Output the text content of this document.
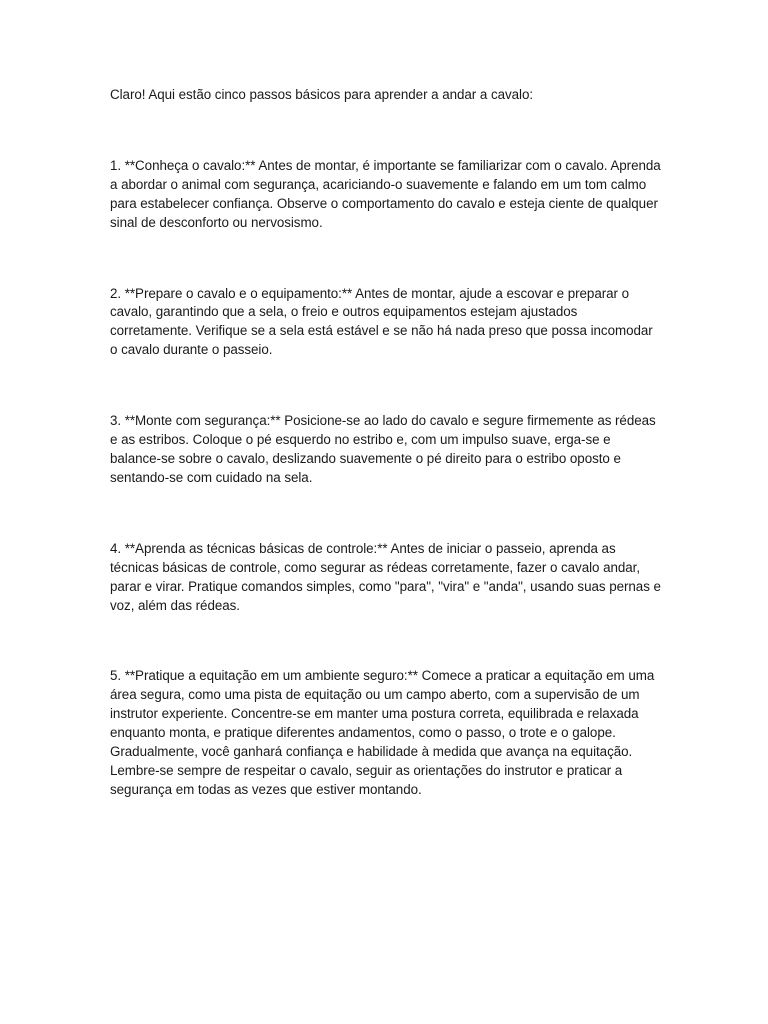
Claro! Aqui estão cinco passos básicos para aprender a andar a cavalo:

1. **Conheça o cavalo:** Antes de montar, é importante se familiarizar com o cavalo. Aprenda a abordar o animal com segurança, acariciando-o suavemente e falando em um tom calmo para estabelecer confiança. Observe o comportamento do cavalo e esteja ciente de qualquer sinal de desconforto ou nervosismo.

2. **Prepare o cavalo e o equipamento:** Antes de montar, ajude a escovar e preparar o cavalo, garantindo que a sela, o freio e outros equipamentos estejam ajustados corretamente. Verifique se a sela está estável e se não há nada preso que possa incomodar o cavalo durante o passeio.

3. **Monte com segurança:** Posicione-se ao lado do cavalo e segure firmemente as rédeas e as estribos. Coloque o pé esquerdo no estribo e, com um impulso suave, erga-se e balance-se sobre o cavalo, deslizando suavemente o pé direito para o estribo oposto e sentando-se com cuidado na sela.

4. **Aprenda as técnicas básicas de controle:** Antes de iniciar o passeio, aprenda as técnicas básicas de controle, como segurar as rédeas corretamente, fazer o cavalo andar, parar e virar. Pratique comandos simples, como "para", "vira" e "anda", usando suas pernas e voz, além das rédeas.

5. **Pratique a equitação em um ambiente seguro:** Comece a praticar a equitação em uma área segura, como uma pista de equitação ou um campo aberto, com a supervisão de um instrutor experiente. Concentre-se em manter uma postura correta, equilibrada e relaxada enquanto monta, e pratique diferentes andamentos, como o passo, o trote e o galope. Gradualmente, você ganhará confiança e habilidade à medida que avança na equitação. Lembre-se sempre de respeitar o cavalo, seguir as orientações do instrutor e praticar a segurança em todas as vezes que estiver montando.
